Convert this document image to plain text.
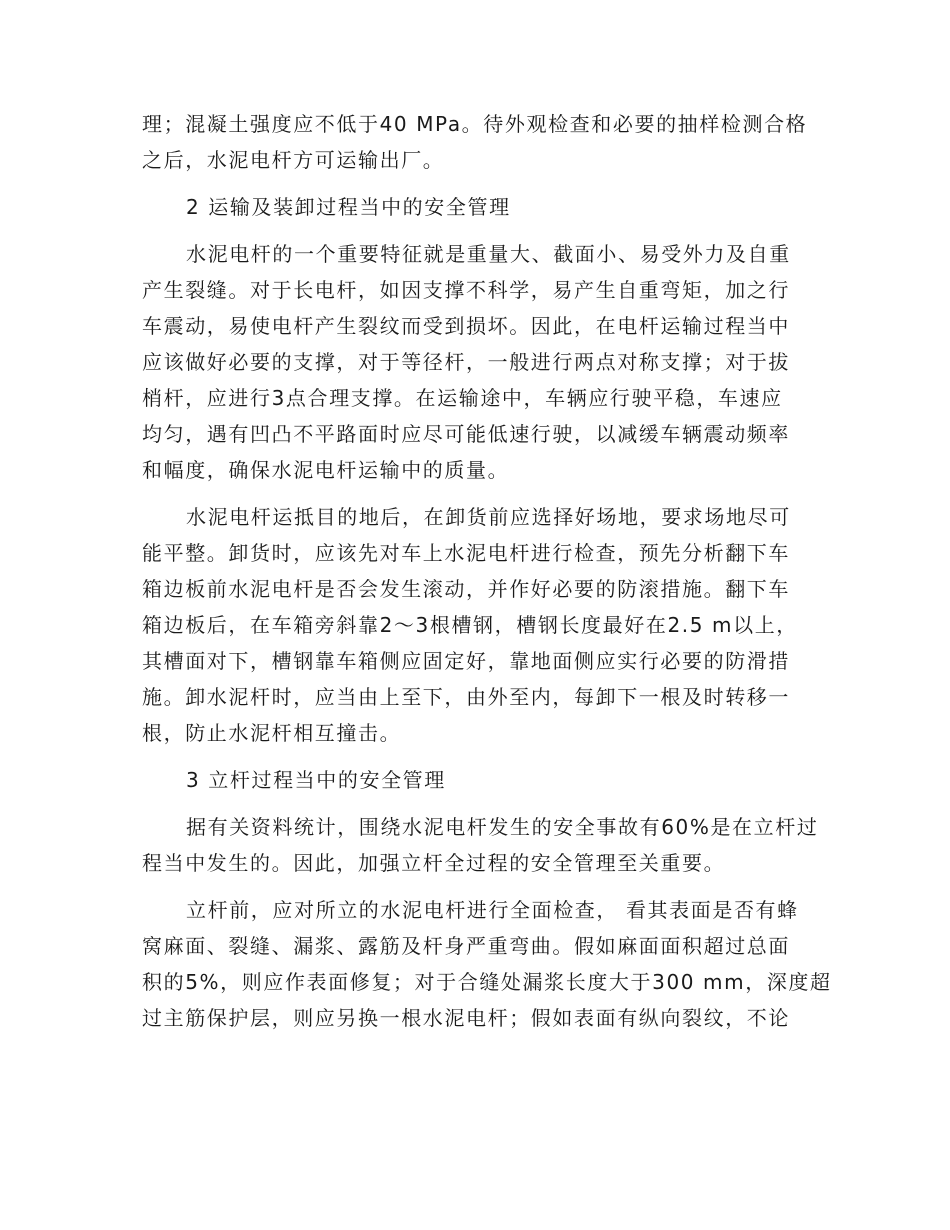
理；混凝土强度应不低于40 MPa。待外观检查和必要的抽样检测合格
之后，水泥电杆方可运输出厂。

2 运输及装卸过程当中的安全管理

水泥电杆的一个重要特征就是重量大、截面小、易受外力及自重
产生裂缝。对于长电杆，如因支撑不科学，易产生自重弯矩，加之行
车震动，易使电杆产生裂纹而受到损坏。因此，在电杆运输过程当中
应该做好必要的支撑，对于等径杆，一般进行两点对称支撑；对于拔
梢杆，应进行3点合理支撑。在运输途中，车辆应行驶平稳，车速应
均匀，遇有凹凸不平路面时应尽可能低速行驶，以减缓车辆震动频率
和幅度，确保水泥电杆运输中的质量。

水泥电杆运抵目的地后，在卸货前应选择好场地，要求场地尽可
能平整。卸货时，应该先对车上水泥电杆进行检查，预先分析翻下车
箱边板前水泥电杆是否会发生滚动，并作好必要的防滚措施。翻下车
箱边板后，在车箱旁斜靠2～3根槽钢，槽钢长度最好在2.5 m以上，
其槽面对下，槽钢靠车箱侧应固定好，靠地面侧应实行必要的防滑措
施。卸水泥杆时，应当由上至下，由外至内，每卸下一根及时转移一
根，防止水泥杆相互撞击。

3 立杆过程当中的安全管理

据有关资料统计，围绕水泥电杆发生的安全事故有60%是在立杆过
程当中发生的。因此，加强立杆全过程的安全管理至关重要。

立杆前，应对所立的水泥电杆进行全面检查， 看其表面是否有蜂
窝麻面、裂缝、漏浆、露筋及杆身严重弯曲。假如麻面面积超过总面
积的5%，则应作表面修复；对于合缝处漏浆长度大于300 mm，深度超
过主筋保护层，则应另换一根水泥电杆；假如表面有纵向裂纹，不论
